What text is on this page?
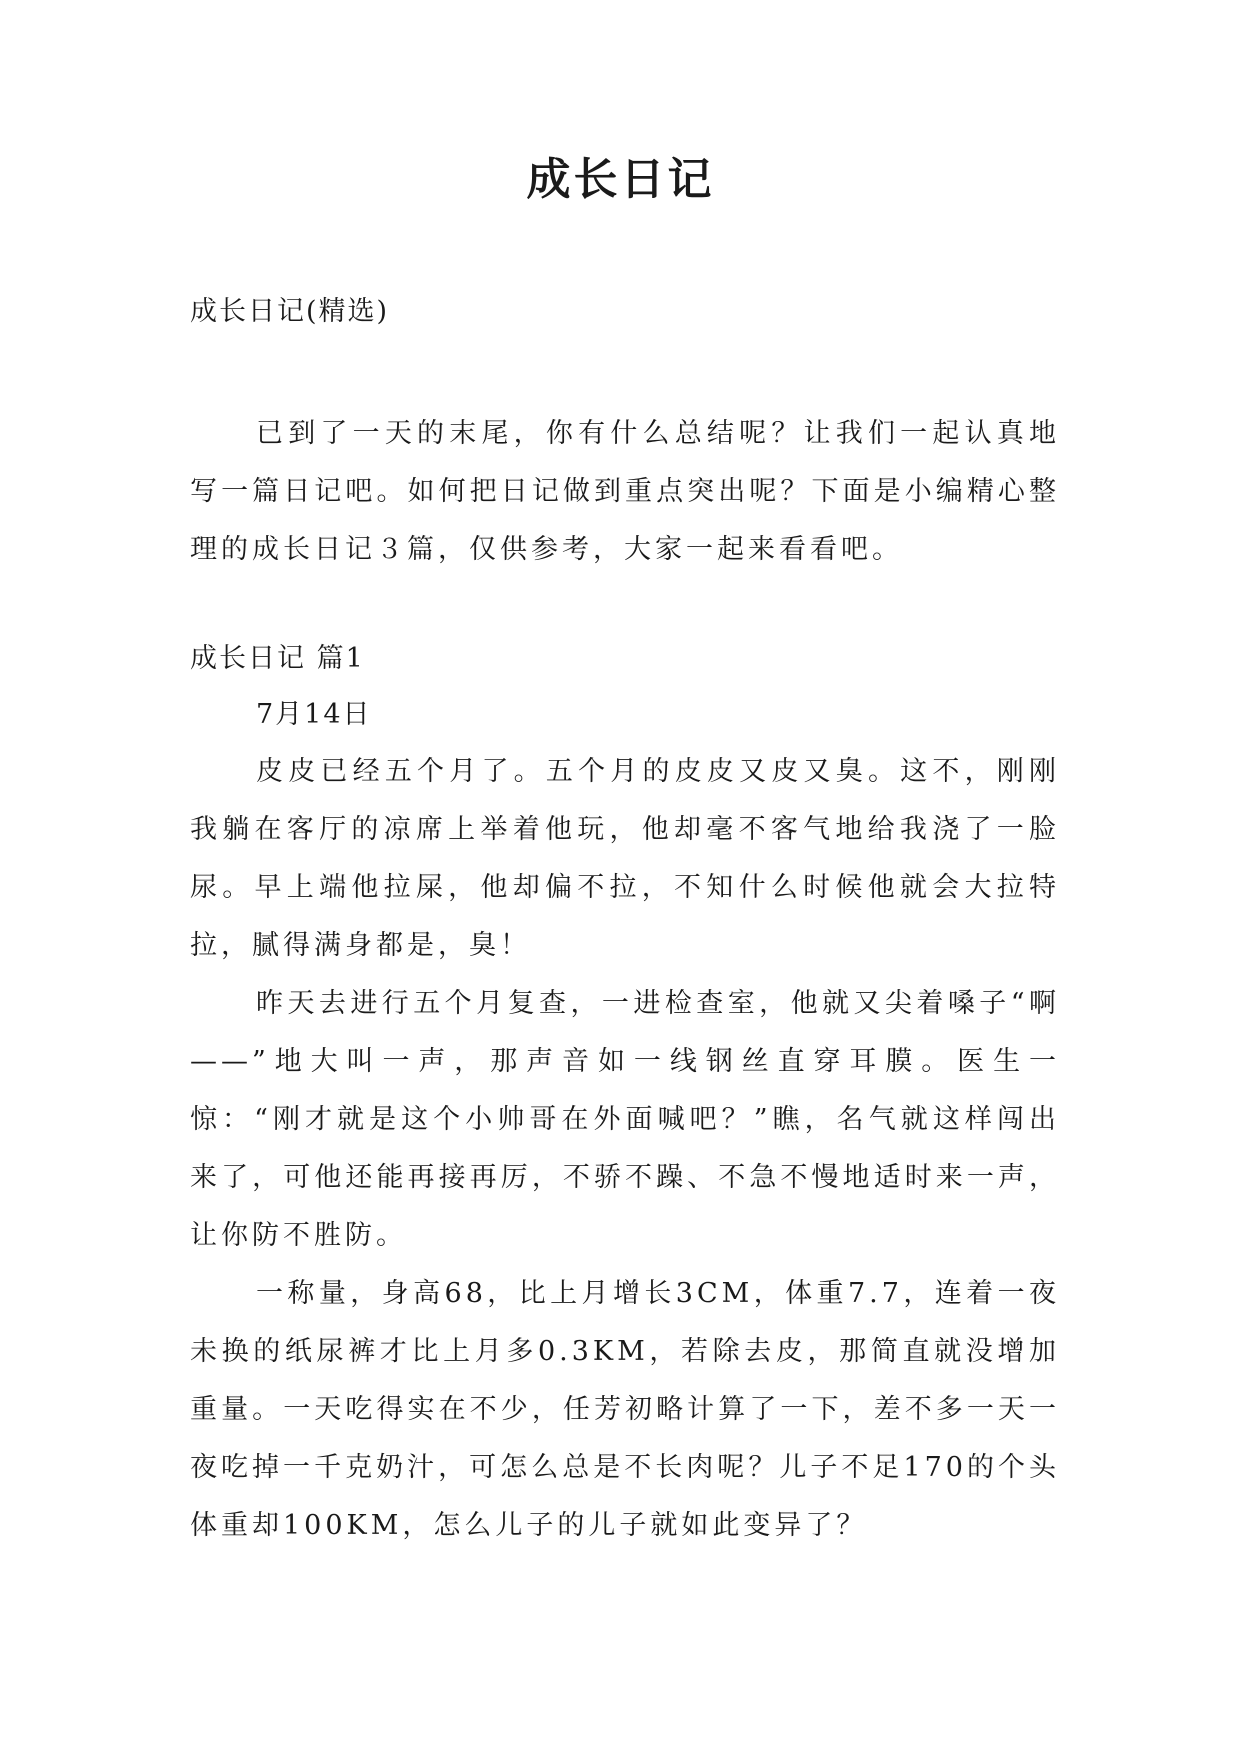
成长日记

成长日记(精选)

已到了一天的末尾，你有什么总结呢？让我们一起认真地写一篇日记吧。如何把日记做到重点突出呢？下面是小编精心整理的成长日记３篇，仅供参考，大家一起来看看吧。

成长日记 篇1

7月14日

皮皮已经五个月了。五个月的皮皮又皮又臭。这不，刚刚我躺在客厅的凉席上举着他玩，他却毫不客气地给我浇了一脸尿。早上端他拉屎，他却偏不拉，不知什么时候他就会大拉特拉，腻得满身都是，臭！

昨天去进行五个月复查，一进检查室，他就又尖着嗓子“啊——”地大叫一声，那声音如一线钢丝直穿耳膜。医生一惊：“刚才就是这个小帅哥在外面喊吧？”瞧，名气就这样闯出来了，可他还能再接再厉，不骄不躁、不急不慢地适时来一声，让你防不胜防。

一称量，身高68，比上月增长3CM，体重7.7，连着一夜未换的纸尿裤才比上月多0.3KM，若除去皮，那简直就没增加重量。一天吃得实在不少，任芳初略计算了一下，差不多一天一夜吃掉一千克奶汁，可怎么总是不长肉呢？儿子不足170的个头体重却100KM，怎么儿子的儿子就如此变异了？
